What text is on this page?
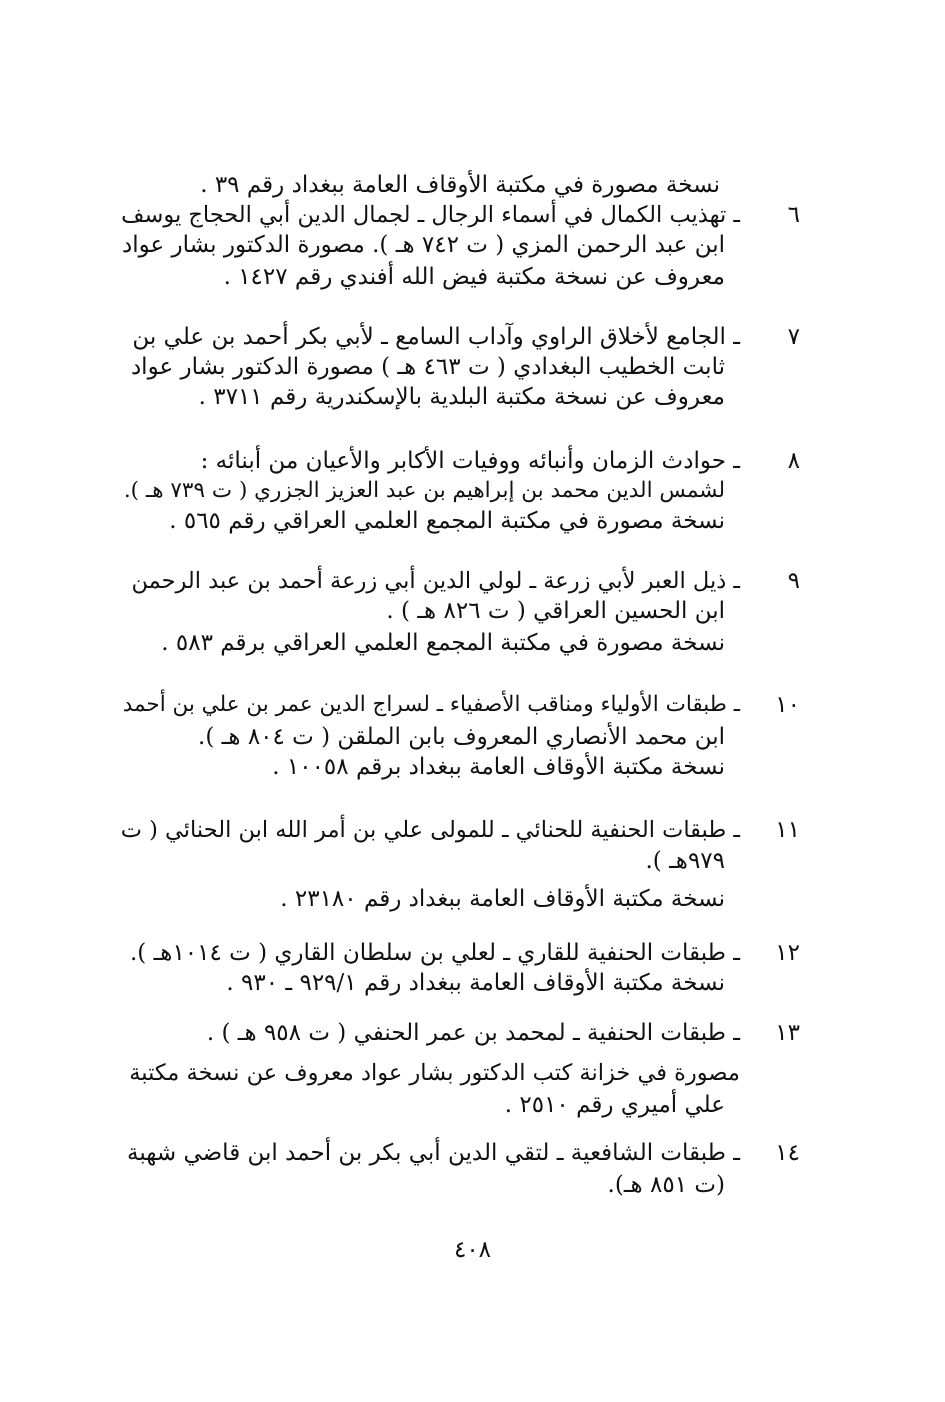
٦
٧
٨
٩
١٠
١١
١٢
١٣
١٤
نسخة مصورة في مكتبة الأوقاف العامة ببغداد رقم ٣٩ .
ـ تهذيب الكمال في أسماء الرجال ـ لجمال الدين أبي الحجاج يوسف
ابن عبد الرحمن المزي ( ت ٧٤٢ هـ ). مصورة الدكتور بشار عواد
معروف عن نسخة مكتبة فيض الله أفندي رقم ١٤٢٧ .
ـ الجامع لأخلاق الراوي وآداب السامع ـ لأبي بكر أحمد بن علي بن
ثابت الخطيب البغدادي ( ت ٤٦٣ هـ ) مصورة الدكتور بشار عواد
معروف عن نسخة مكتبة البلدية بالإسكندرية رقم ٣٧١١ .
ـ حوادث الزمان وأنبائه ووفيات الأكابر والأعيان من أبنائه :
لشمس الدين محمد بن إبراهيم بن عبد العزيز الجزري ( ت ٧٣٩ هـ ).
نسخة مصورة في مكتبة المجمع العلمي العراقي رقم ٥٦٥ .
ـ ذيل العبر لأبي زرعة ـ لولي الدين أبي زرعة أحمد بن عبد الرحمن
ابن الحسين العراقي ( ت ٨٢٦ هـ ) .
نسخة مصورة في مكتبة المجمع العلمي العراقي برقم ٥٨٣ .
ـ طبقات الأولياء ومناقب الأصفياء ـ لسراج الدين عمر بن علي بن أحمد
ابن محمد الأنصاري المعروف بابن الملقن ( ت ٨٠٤ هـ ).
نسخة مكتبة الأوقاف العامة ببغداد برقم ١٠٠٥٨ .
ـ طبقات الحنفية للحنائي ـ للمولى علي بن أمر الله ابن الحنائي ( ت
٩٧٩هـ ).
نسخة مكتبة الأوقاف العامة ببغداد رقم ٢٣١٨٠ .
ـ طبقات الحنفية للقاري ـ لعلي بن سلطان القاري ( ت ١٠١٤هـ ).
نسخة مكتبة الأوقاف العامة ببغداد رقم ٩٢٩/١ ـ ٩٣٠ .
ـ طبقات الحنفية ـ لمحمد بن عمر الحنفي ( ت ٩٥٨ هـ ) .
مصورة في خزانة كتب الدكتور بشار عواد معروف عن نسخة مكتبة
علي أميري رقم ٢٥١٠ .
ـ طبقات الشافعية ـ لتقي الدين أبي بكر بن أحمد ابن قاضي شهبة
(ت ٨٥١ هـ).
٤٠٨
